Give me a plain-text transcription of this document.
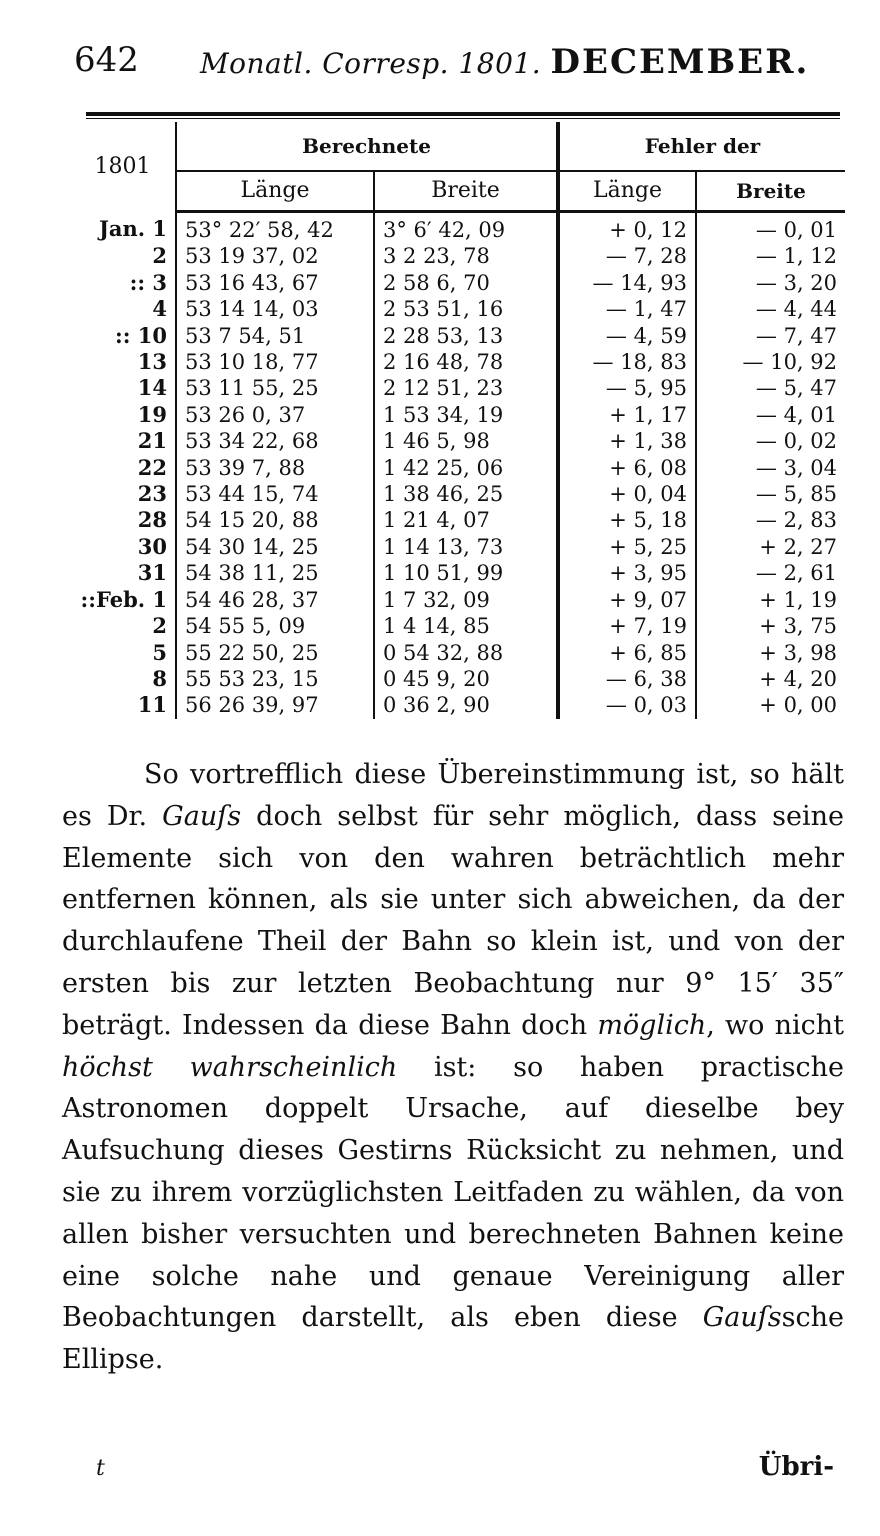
642 Monatl. Corresp. 1801. DECEMBER.
1801	Berechnete		Fehler der	
	Länge	Breite	Länge	Breite
Jan. 1	53° 22′ 58, 42	3° 6′ 42, 09	+ 0, 12	— 0, 01
2	53 19 37, 02	3 2 23, 78	— 7, 28	— 1, 12
:: 3	53 16 43, 67	2 58 6, 70	— 14, 93	— 3, 20
4	53 14 14, 03	2 53 51, 16	— 1, 47	— 4, 44
:: 10	53 7 54, 51	2 28 53, 13	— 4, 59	— 7, 47
13	53 10 18, 77	2 16 48, 78	— 18, 83	— 10, 92
14	53 11 55, 25	2 12 51, 23	— 5, 95	— 5, 47
19	53 26 0, 37	1 53 34, 19	+ 1, 17	— 4, 01
21	53 34 22, 68	1 46 5, 98	+ 1, 38	— 0, 02
22	53 39 7, 88	1 42 25, 06	+ 6, 08	— 3, 04
23	53 44 15, 74	1 38 46, 25	+ 0, 04	— 5, 85
28	54 15 20, 88	1 21 4, 07	+ 5, 18	— 2, 83
30	54 30 14, 25	1 14 13, 73	+ 5, 25	+ 2, 27
31	54 38 11, 25	1 10 51, 99	+ 3, 95	— 2, 61
::Feb. 1	54 46 28, 37	1 7 32, 09	+ 9, 07	+ 1, 19
2	54 55 5, 09	1 4 14, 85	+ 7, 19	+ 3, 75
5	55 22 50, 25	0 54 32, 88	+ 6, 85	+ 3, 98
8	55 53 23, 15	0 45 9, 20	— 6, 38	+ 4, 20
11	56 26 39, 97	0 36 2, 90	— 0, 03	+ 0, 00

So vortrefflich diese Übereinstimmung ist, so hält es Dr. Gauſs doch selbst für sehr möglich, dass seine Elemente sich von den wahren beträchtlich mehr entfernen können, als sie unter sich abweichen, da der durchlaufene Theil der Bahn so klein ist, und von der ersten bis zur letzten Beobachtung nur 9° 15′ 35″ beträgt. Indessen da diese Bahn doch möglich, wo nicht höchst wahrscheinlich ist: so haben practische Astronomen doppelt Ursache, auf dieselbe bey Aufsuchung dieses Gestirns Rücksicht zu nehmen, und sie zu ihrem vorzüglichsten Leitfaden zu wählen, da von allen bisher versuchten und berechneten Bahnen keine eine solche nahe und genaue Vereinigung aller Beobachtungen darstellt, als eben diese Gauſssche Ellipse.

t	Übri-
